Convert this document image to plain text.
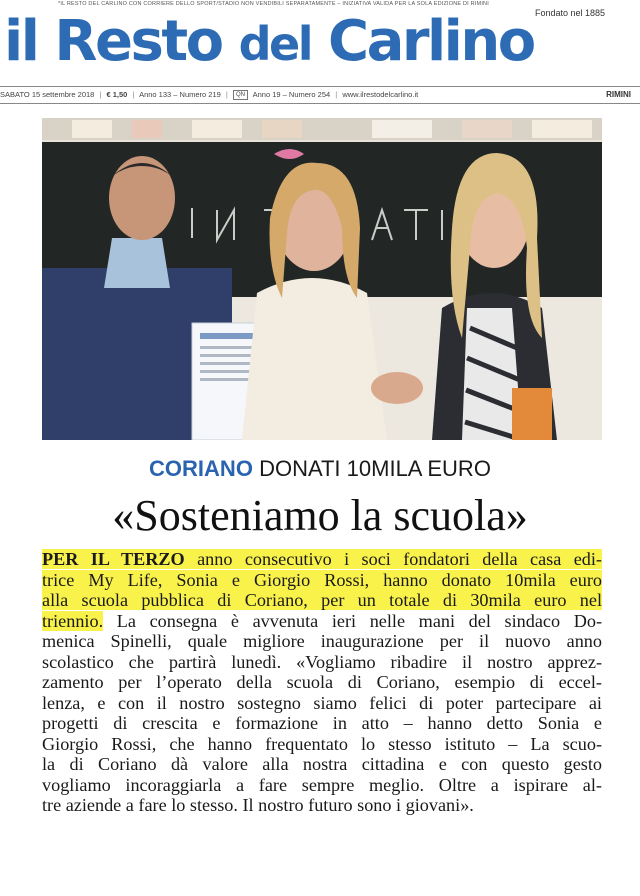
*IL RESTO DEL CARLINO CON CORRIERE DELLO SPORT/STADIO NON VENDIBILI SEPARATAMENTE – INIZIATIVA VALIDA PER LA SOLA EDIZIONE DI RIMINI
Fondato nel 1885
il Resto del Carlino
SABATO 15 settembre 2018 | € 1,50 | Anno 133 – Numero 219 | QN Anno 19 – Numero 254 | www.ilrestodelcarlino.it	RIMINI
CORIANO DONATI 10MILA EURO
«Sosteniamo la scuola»
PER IL TERZO anno consecutivo i soci fondatori della casa edi-
trice My Life, Sonia e Giorgio Rossi, hanno donato 10mila euro
alla scuola pubblica di Coriano, per un totale di 30mila euro nel
triennio. La consegna è avvenuta ieri nelle mani del sindaco Do-
menica Spinelli, quale migliore inaugurazione per il nuovo anno
scolastico che partirà lunedì. «Vogliamo ribadire il nostro apprez-
zamento per l’operato della scuola di Coriano, esempio di eccel-
lenza, e con il nostro sostegno siamo felici di poter partecipare ai
progetti di crescita e formazione in atto – hanno detto Sonia e
Giorgio Rossi, che hanno frequentato lo stesso istituto – La scuo-
la di Coriano dà valore alla nostra cittadina e con questo gesto
vogliamo incoraggiarla a fare sempre meglio. Oltre a ispirare al-
tre aziende a fare lo stesso. Il nostro futuro sono i giovani».
